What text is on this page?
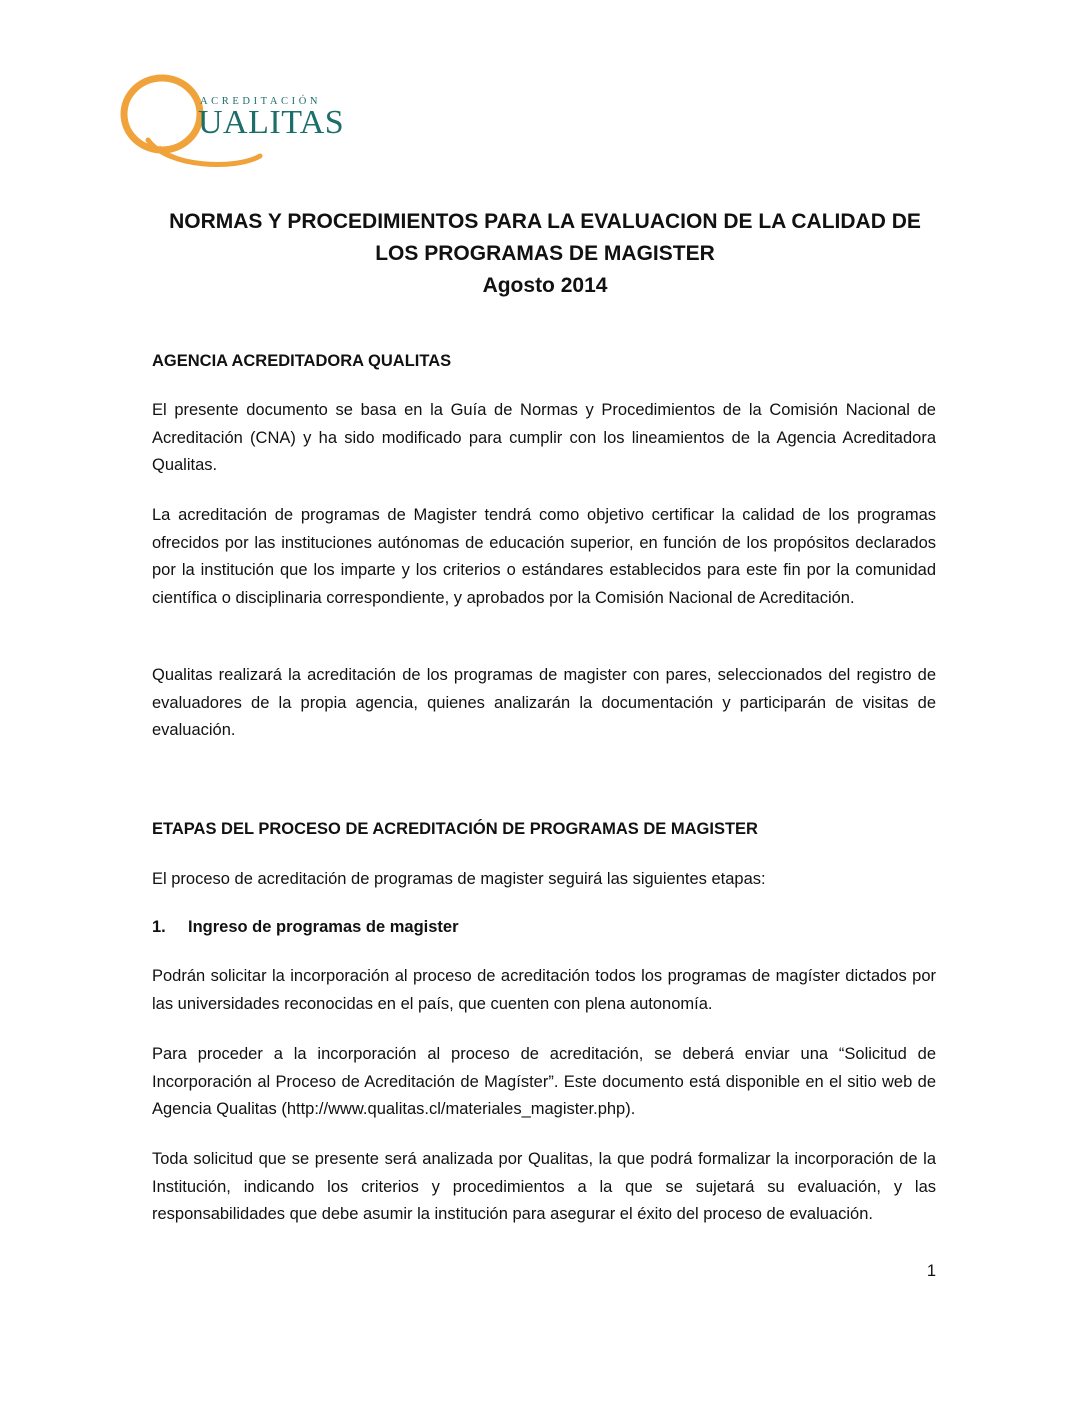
ACREDITACIÓN
UALITAS
NORMAS Y PROCEDIMIENTOS PARA LA EVALUACION DE LA CALIDAD DE
LOS PROGRAMAS DE MAGISTER
Agosto 2014
AGENCIA ACREDITADORA QUALITAS

El presente documento se basa en la Guía de Normas y Procedimientos de la Comisión Nacional de Acreditación (CNA) y ha sido modificado para cumplir con los lineamientos de la Agencia Acreditadora Qualitas.

La acreditación de programas de Magister tendrá como objetivo certificar la calidad de los programas ofrecidos por las instituciones autónomas de educación superior, en función de los propósitos declarados por la institución que los imparte y los criterios o estándares establecidos para este fin por la comunidad científica o disciplinaria correspondiente, y aprobados por la Comisión Nacional de Acreditación.

Qualitas realizará la acreditación de los programas de magister con pares, seleccionados del registro de evaluadores de la propia agencia, quienes analizarán la documentación y participarán de visitas de evaluación.

ETAPAS DEL PROCESO DE ACREDITACIÓN DE PROGRAMAS DE MAGISTER

El proceso de acreditación de programas de magister seguirá las siguientes etapas:

1. Ingreso de programas de magister

Podrán solicitar la incorporación al proceso de acreditación todos los programas de magíster dictados por las universidades reconocidas en el país, que cuenten con plena autonomía.

Para proceder a la incorporación al proceso de acreditación, se deberá enviar una “Solicitud de Incorporación al Proceso de Acreditación de Magíster”. Este documento está disponible en el sitio web de Agencia Qualitas (http://www.qualitas.cl/materiales_magister.php).

Toda solicitud que se presente será analizada por Qualitas, la que podrá formalizar la incorporación de la Institución, indicando los criterios y procedimientos a la que se sujetará su evaluación, y las responsabilidades que debe asumir la institución para asegurar el éxito del proceso de evaluación.

1
